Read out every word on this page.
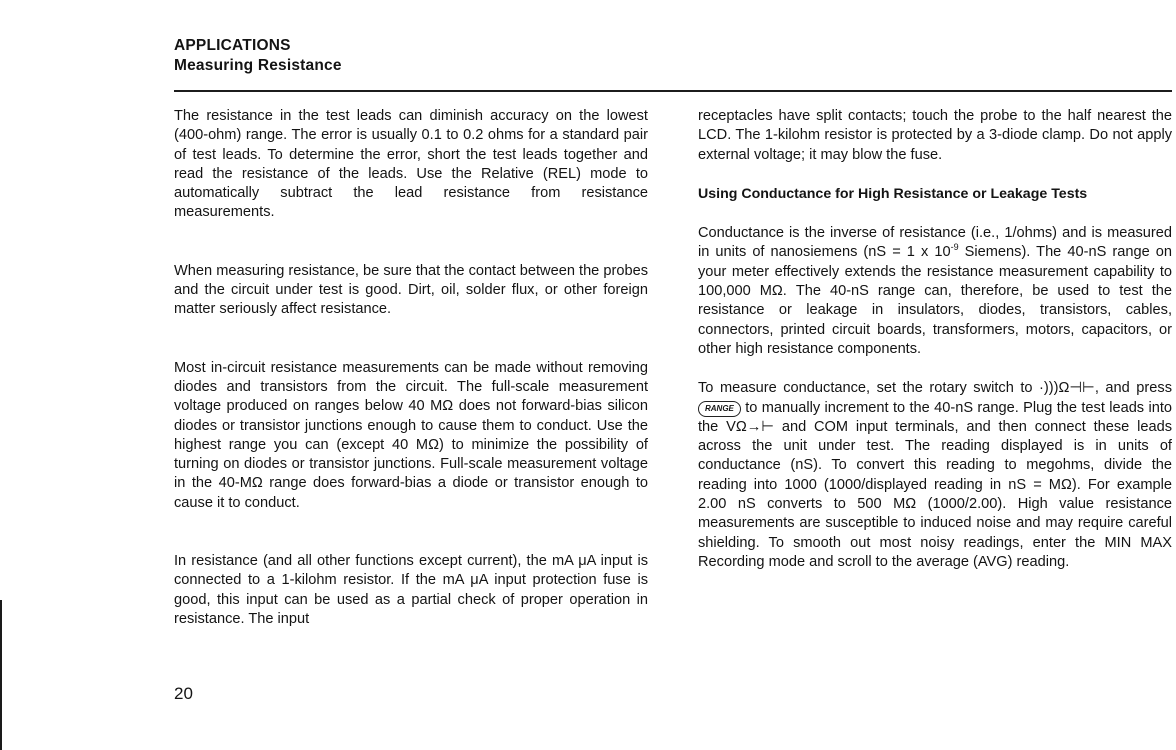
APPLICATIONS
Measuring Resistance

The resistance in the test leads can diminish accuracy on the lowest (400-ohm) range. The error is usually 0.1 to 0.2 ohms for a standard pair of test leads. To determine the error, short the test leads together and read the resistance of the leads. Use the Relative (REL) mode to automatically subtract the lead resistance from resistance measurements.

When measuring resistance, be sure that the contact between the probes and the circuit under test is good. Dirt, oil, solder flux, or other foreign matter seriously affect resistance.

Most in-circuit resistance measurements can be made without removing diodes and transistors from the circuit. The full-scale measurement voltage produced on ranges below 40 MΩ does not forward-bias silicon diodes or transistor junctions enough to cause them to conduct. Use the highest range you can (except 40 MΩ) to minimize the possibility of turning on diodes or transistor junctions. Full-scale measurement voltage in the 40-MΩ range does forward-bias a diode or transistor enough to cause it to conduct.

In resistance (and all other functions except current), the mA μA input is connected to a 1-kilohm resistor. If the mA μA input protection fuse is good, this input can be used as a partial check of proper operation in resistance. The input

receptacles have split contacts; touch the probe to the half nearest the LCD. The 1-kilohm resistor is protected by a 3-diode clamp. Do not apply external voltage; it may blow the fuse.

Using Conductance for High Resistance or Leakage Tests

Conductance is the inverse of resistance (i.e., 1/ohms) and is measured in units of nanosiemens (nS = 1 x $10^{-9}$ Siemens). The 40-nS range on your meter effectively extends the resistance measurement capability to 100,000 MΩ. The 40-nS range can, therefore, be used to test the resistance or leakage in insulators, diodes, transistors, cables, connectors, printed circuit boards, transformers, motors, capacitors, or other high resistance components.

To measure conductance, set the rotary switch to ·)))Ω⊣⊢, and press RANGE to manually increment to the 40-nS range. Plug the test leads into the VΩ→⊢ and COM input terminals, and then connect these leads across the unit under test. The reading displayed is in units of conductance (nS). To convert this reading to megohms, divide the reading into 1000 (1000/displayed reading in nS = MΩ). For example 2.00 nS converts to 500 MΩ (1000/2.00). High value resistance measurements are susceptible to induced noise and may require careful shielding. To smooth out most noisy readings, enter the MIN MAX Recording mode and scroll to the average (AVG) reading.

20
